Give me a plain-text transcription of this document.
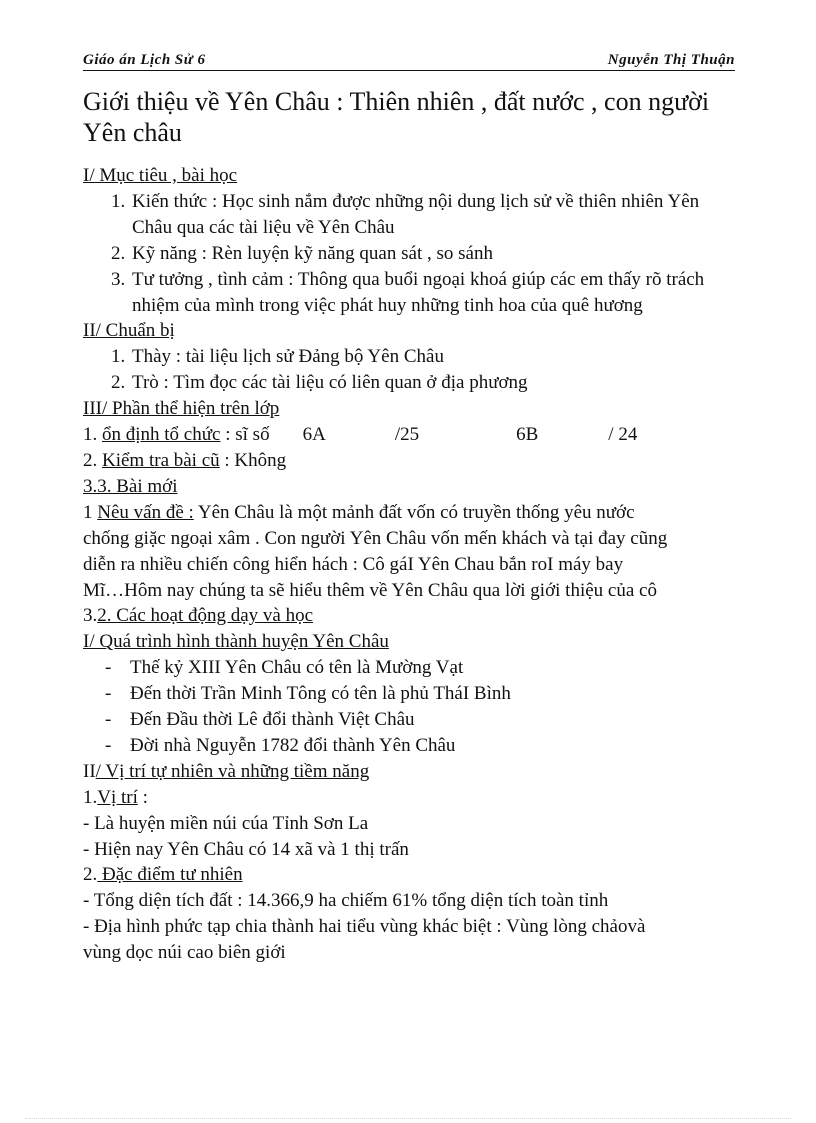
Giáo án Lịch Sử 6	Nguyễn Thị Thuận
Giới thiệu về Yên Châu : Thiên nhiên , đất nước , con người Yên châu
I/ Mục tiêu , bài học
1. Kiến thức : Học sinh nắm được những nội dung lịch sử về thiên nhiên Yên Châu qua các tài liệu về Yên Châu
2. Kỹ năng : Rèn luyện kỹ năng quan sát , so sánh
3. Tư tưởng , tình cảm : Thông qua buổi ngoại khoá giúp các em thấy rõ trách nhiệm của mình trong việc phát huy những tinh hoa của quê hương
II/ Chuẩn bị
1. Thày : tài liệu lịch sử Đảng bộ Yên Châu
2. Trò : Tìm đọc các tài liệu có liên quan ở địa phương
III/ Phần thể hiện trên lớp
1. ổn định tổ chức : sĩ số 6A	/25	6B	/ 24
2. Kiểm tra bài cũ : Không
3.3. Bài mới
1 Nêu vấn đề : Yên Châu là một mảnh đất vốn có truyền thống yêu nước
chống giặc ngoại xâm . Con người Yên Châu vốn mến khách và tại đay cũng
diễn ra nhiều chiến công hiển hách : Cô gáI Yên Chau bắn roI máy bay
Mĩ…Hôm nay chúng ta sẽ hiểu thêm về Yên Châu qua lời giới thiệu của cô
3.2. Các hoạt động dạy và học
I/ Quá trình hình thành huyện Yên Châu
- Thế kỷ XIII Yên Châu có tên là Mường Vạt
- Đến thời Trần Minh Tông có tên là phủ TháI Bình
- Đến Đầu thời Lê đổi thành Việt Châu
- Đời nhà Nguyễn 1782 đổi thành Yên Châu
II/ Vị trí tự nhiên và những tiềm năng
1.Vị trí :
- Là huyện miền núi cúa Tỉnh Sơn La
- Hiện nay Yên Châu có 14 xã và 1 thị trấn
2. Đặc điểm tư nhiên
- Tổng diện tích đất : 14.366,9 ha chiếm 61% tổng diện tích toàn tỉnh
- Địa hình phức tạp chia thành hai tiểu vùng khác biệt : Vùng lòng chảovà
vùng dọc núi cao biên giới
